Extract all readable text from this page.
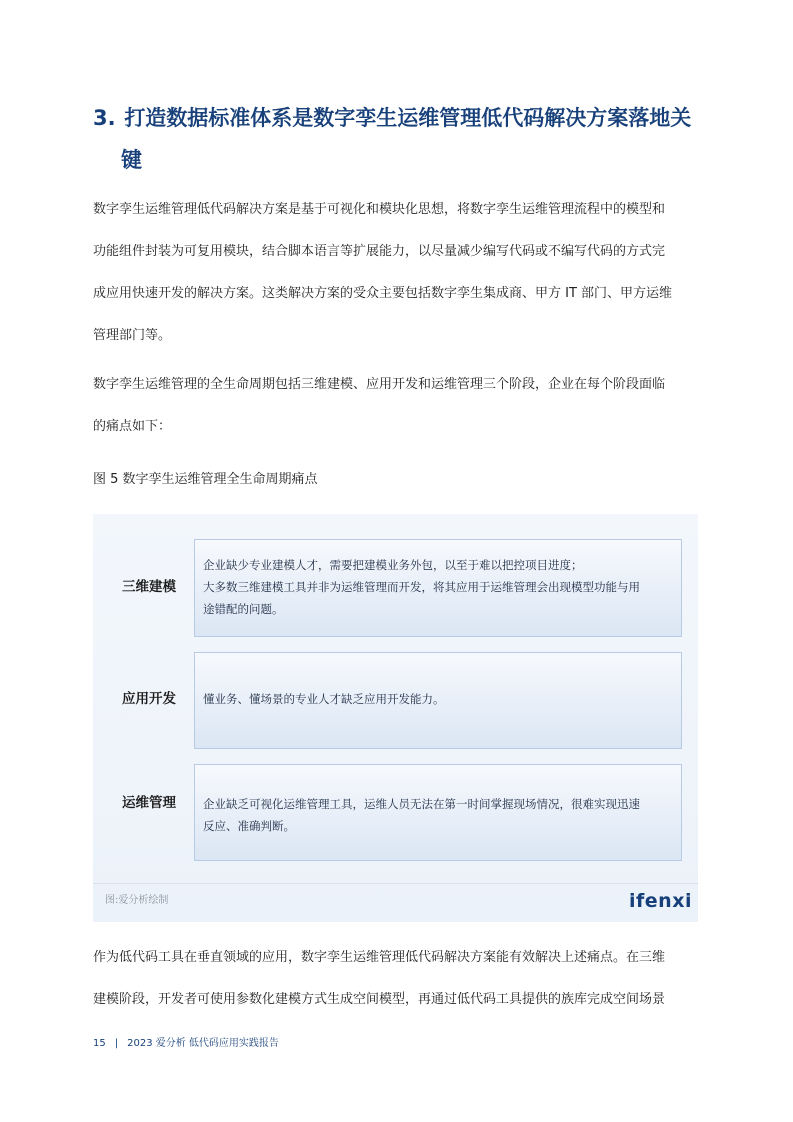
3. 打造数据标准体系是数字孪生运维管理低代码解决方案落地关
键
数字孪生运维管理低代码解决方案是基于可视化和模块化思想，将数字孪生运维管理流程中的模型和
功能组件封装为可复用模块，结合脚本语言等扩展能力，以尽量减少编写代码或不编写代码的方式完
成应用快速开发的解决方案。这类解决方案的受众主要包括数字孪生集成商、甲方 IT 部门、甲方运维
管理部门等。
数字孪生运维管理的全生命周期包括三维建模、应用开发和运维管理三个阶段，企业在每个阶段面临
的痛点如下：
图 5 数字孪生运维管理全生命周期痛点
三维建模
企业缺少专业建模人才，需要把建模业务外包，以至于难以把控项目进度；
大多数三维建模工具并非为运维管理而开发，将其应用于运维管理会出现模型功能与用
途错配的问题。
应用开发	懂业务、懂场景的专业人才缺乏应用开发能力。
运维管理	企业缺乏可视化运维管理工具，运维人员无法在第一时间掌握现场情况，很难实现迅速
反应、准确判断。
图:爱分析绘制	ifenxi
作为低代码工具在垂直领域的应用，数字孪生运维管理低代码解决方案能有效解决上述痛点。在三维
建模阶段，开发者可使用参数化建模方式生成空间模型，再通过低代码工具提供的族库完成空间场景
15 | 2023 爱分析 低代码应用实践报告
